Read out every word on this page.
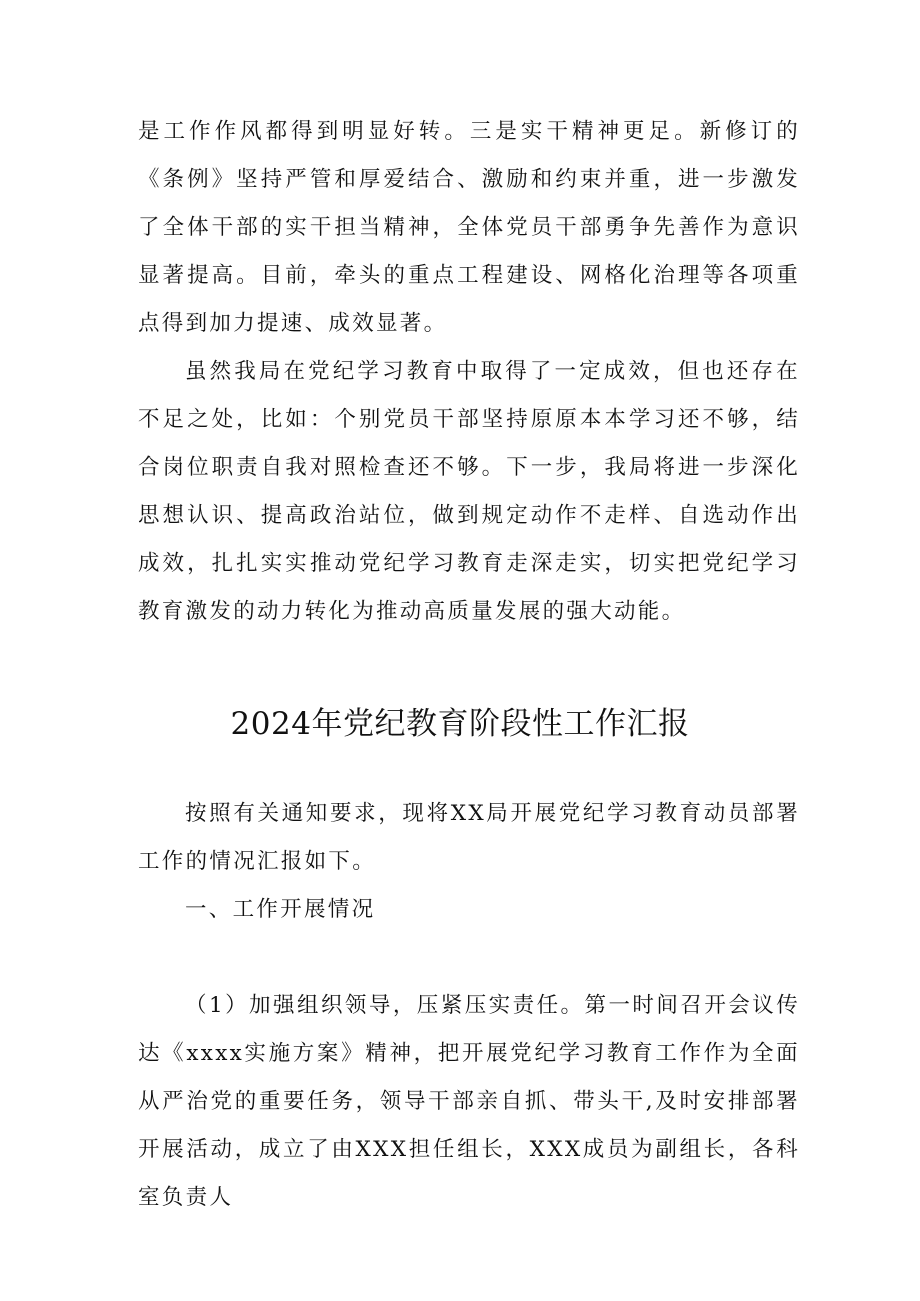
是工作作风都得到明显好转。三是实干精神更足。新修订的《条例》坚持严管和厚爱结合、激励和约束并重，进一步激发了全体干部的实干担当精神，全体党员干部勇争先善作为意识显著提高。目前，牵头的重点工程建设、网格化治理等各项重点得到加力提速、成效显著。

虽然我局在党纪学习教育中取得了一定成效，但也还存在不足之处，比如：个别党员干部坚持原原本本学习还不够，结合岗位职责自我对照检查还不够。下一步，我局将进一步深化思想认识、提高政治站位，做到规定动作不走样、自选动作出成效，扎扎实实推动党纪学习教育走深走实，切实把党纪学习教育激发的动力转化为推动高质量发展的强大动能。

2024年党纪教育阶段性工作汇报

按照有关通知要求，现将XX局开展党纪学习教育动员部署工作的情况汇报如下。

一、工作开展情况

（1）加强组织领导，压紧压实责任。第一时间召开会议传达《xxxx实施方案》精神，把开展党纪学习教育工作作为全面从严治党的重要任务，领导干部亲自抓、带头干,及时安排部署开展活动，成立了由XXX担任组长，XXX成员为副组长，各科室负责人
